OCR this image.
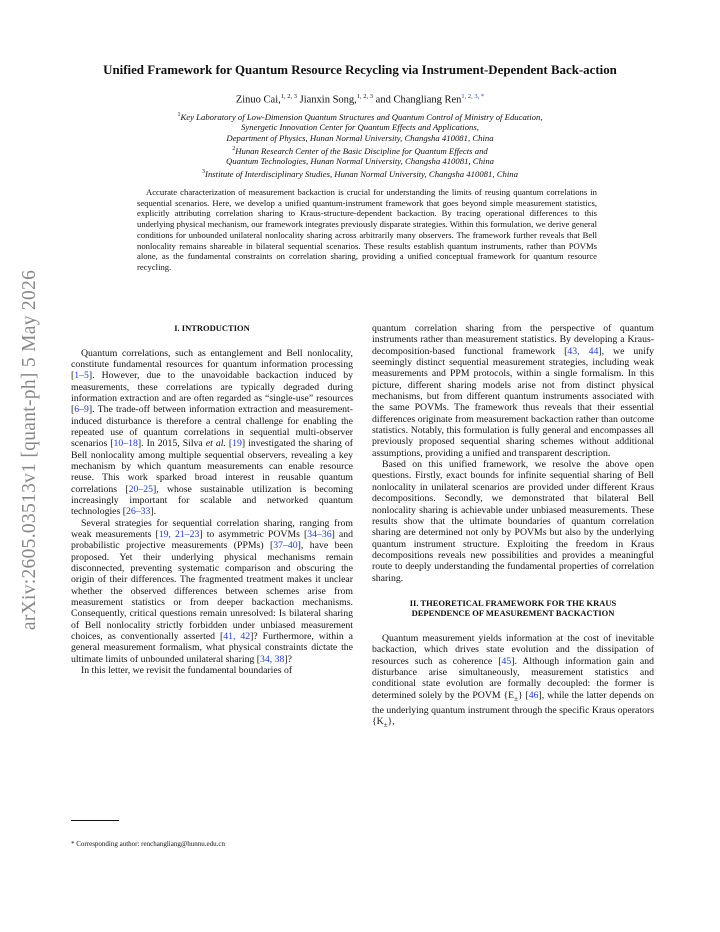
arXiv:2605.03513v1 [quant-ph] 5 May 2026
Unified Framework for Quantum Resource Recycling via Instrument-Dependent Back-action
Zinuo Cai,$^{1, 2, 3}$ Jianxin Song,$^{1, 2, 3}$ and Changliang Ren$^{1, 2, 3, *}$
$^1$Key Laboratory of Low-Dimension Quantum Structures and Quantum Control of Ministry of Education,
Synergetic Innovation Center for Quantum Effects and Applications,
Department of Physics, Hunan Normal University, Changsha 410081, China
$^2$Hunan Research Center of the Basic Discipline for Quantum Effects and
Quantum Technologies, Hunan Normal University, Changsha 410081, China
$^3$Institute of Interdisciplinary Studies, Hunan Normal University, Changsha 410081, China
Accurate characterization of measurement backaction is crucial for understanding the limits of reusing quantum correlations in sequential scenarios. Here, we develop a unified quantum-instrument framework that goes beyond simple measurement statistics, explicitly attributing correlation sharing to Kraus-structure-dependent backaction. By tracing operational differences to this underlying physical mechanism, our framework integrates previously disparate strategies. Within this formulation, we derive general conditions for unbounded unilateral nonlocality sharing across arbitrarily many observers. The framework further reveals that Bell nonlocality remains shareable in bilateral sequential scenarios. These results establish quantum instruments, rather than POVMs alone, as the fundamental constraints on correlation sharing, providing a unified conceptual framework for quantum resource recycling.
I. INTRODUCTION

Quantum correlations, such as entanglement and Bell nonlocality, constitute fundamental resources for quantum information processing [1–5]. However, due to the unavoidable backaction induced by measurements, these correlations are typically degraded during information extraction and are often regarded as “single-use” resources [6–9]. The trade-off between information extraction and measurement-induced disturbance is therefore a central challenge for enabling the repeated use of quantum correlations in sequential multi-observer scenarios [10–18]. In 2015, Silva et al. [19] investigated the sharing of Bell nonlocality among multiple sequential observers, revealing a key mechanism by which quantum measurements can enable resource reuse. This work sparked broad interest in reusable quantum correlations [20–25], whose sustainable utilization is becoming increasingly important for scalable and networked quantum technologies [26–33].

Several strategies for sequential correlation sharing, ranging from weak measurements [19, 21–23] to asymmetric POVMs [34–36] and probabilistic projective measurements (PPMs) [37–40], have been proposed. Yet their underlying physical mechanisms remain disconnected, preventing systematic comparison and obscuring the origin of their differences. The fragmented treatment makes it unclear whether the observed differences between schemes arise from measurement statistics or from deeper backaction mechanisms. Consequently, critical questions remain unresolved: Is bilateral sharing of Bell nonlocality strictly forbidden under unbiased measurement choices, as conventionally asserted [41, 42]? Furthermore, within a general measurement formalism, what physical constraints dictate the ultimate limits of unbounded unilateral sharing [34, 38]?

In this letter, we revisit the fundamental boundaries of

quantum correlation sharing from the perspective of quantum instruments rather than measurement statistics. By developing a Kraus-decomposition-based functional framework [43, 44], we unify seemingly distinct sequential measurement strategies, including weak measurements and PPM protocols, within a single formalism. In this picture, different sharing models arise not from distinct physical mechanisms, but from different quantum instruments associated with the same POVMs. The framework thus reveals that their essential differences originate from measurement backaction rather than outcome statistics. Notably, this formulation is fully general and encompasses all previously proposed sequential sharing schemes without additional assumptions, providing a unified and transparent description.

Based on this unified framework, we resolve the above open questions. Firstly, exact bounds for infinite sequential sharing of Bell nonlocality in unilateral scenarios are provided under different Kraus decompositions. Secondly, we demonstrated that bilateral Bell nonlocality sharing is achievable under unbiased measurements. These results show that the ultimate boundaries of quantum correlation sharing are determined not only by POVMs but also by the underlying quantum instrument structure. Exploiting the freedom in Kraus decompositions reveals new possibilities and provides a meaningful route to deeply understanding the fundamental properties of correlation sharing.

II. THEORETICAL FRAMEWORK FOR THE KRAUS
DEPENDENCE OF MEASUREMENT BACKACTION

Quantum measurement yields information at the cost of inevitable backaction, which drives state evolution and the dissipation of resources such as coherence [45]. Although information gain and disturbance arise simultaneously, measurement statistics and conditional state evolution are formally decoupled: the former is determined solely by the POVM $\{E_\pm\}$ [46], while the latter depends on the underlying quantum instrument through the specific Kraus operators $\{K_\pm\}$,

* Corresponding author: renchangliang@hunnu.edu.cn
